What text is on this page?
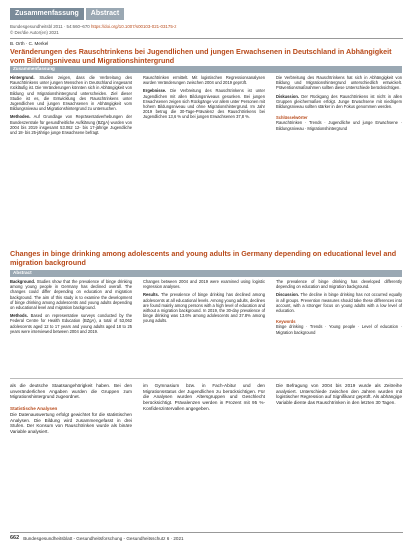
Zusammenfassung	Abstract
Bundesgesundheitsbl 2011 · 54:660–670 https://doi.org/10.1007/s00103-021-03175-z
© Der/die Autor(en) 2021
B. Orth · C. Merkel
Veränderungen des Rauschtrinkens bei Jugendlichen und jungen Erwachsenen in Deutschland in Abhängigkeit vom Bildungsniveau und Migrationshintergrund
Zusammenfassung
Hintergrund. Studien zeigen, dass die Verbreitung des Rauschtrinkens unter jungen Menschen in Deutschland insgesamt rückläufig ist. Die Veränderungen könnten sich in Abhängigkeit von Bildung und Migrationshintergrund unterscheiden. Ziel dieser Studie ist es, die Entwicklung des Rauschtrinkens unter Jugendlichen und jungen Erwachsenen in Abhängigkeit vom Bildungsniveau und Migrationshintergrund zu untersuchen.
Methoden. Auf Grundlage von Repräsentativerhebungen der Bundeszentrale für gesundheitliche Aufklärung (BZgA) wurden von 2004 bis 2019 insgesamt 53.062 12- bis 17-jährige Jugendliche und 18- bis 25-jährige junge Erwachsene befragt.
Rauschtrinken ermittelt. Mit logistischen Regressionsanalysen wurden Veränderungen zwischen 2004 und 2019 geprüft.
Ergebnisse. Die Verbreitung des Rauschtrinkens ist unter Jugendlichen mit allen Bildungsniveaus gesunken. Bei jungen Erwachsenen zeigen sich Rückgänge vor allem unter Personen mit hohem Bildungsniveau und ohne Migrationshintergrund. Im Jahr 2019 betrug die 30-Tage-Prävalenz des Rauschtrinkens bei Jugendlichen 13,6 % und bei jungen Erwachsenen 37,8 %.
Die Verbreitung des Rauschtrinkens hat sich in Abhängigkeit von Bildung und Migrationshintergrund unterschiedlich entwickelt. Präventionsmaßnahmen sollten diese Unterschiede berücksichtigen.
Diskussion. Der Rückgang des Rauschtrinkens ist nicht in allen Gruppen gleichermaßen erfolgt. Junge Erwachsene mit niedrigem Bildungsniveau sollten stärker in den Fokus genommen werden.
Schlüsselwörter
Rauschtrinken · Trends · Jugendliche und junge Erwachsene · Bildungsniveau · Migrationshintergrund
Changes in binge drinking among adolescents and young adults in Germany depending on educational level and migration background
Abstract
Background. Studies show that the prevalence of binge drinking among young people in Germany has declined overall. The changes could differ depending on education and migration background. The aim of this study is to examine the development of binge drinking among adolescents and young adults depending on educational level and migration background.
Methods. Based on representative surveys conducted by the Federal Centre for Health Education (BZgA), a total of 53,062 adolescents aged 12 to 17 years and young adults aged 18 to 25 years were interviewed between 2004 and 2019.
Changes between 2004 and 2019 were examined using logistic regression analyses.
Results. The prevalence of binge drinking has declined among adolescents at all educational levels. Among young adults, declines are found mainly among persons with a high level of education and without a migration background. In 2019, the 30-day prevalence of binge drinking was 13.6% among adolescents and 37.8% among young adults.
The prevalence of binge drinking has developed differently depending on education and migration background.
Discussion. The decline in binge drinking has not occurred equally in all groups. Prevention measures should take these differences into account, with a stronger focus on young adults with a low level of education.
Keywords
Binge drinking · Trends · Young people · Level of education · Migration background
als die deutsche Staatsangehörigkeit haben. Bei den unveränderlichen Angaben wurden die Gruppen zum Migrationshintergrund zugeordnet.
Statistische Analysen
Die Datenauswertung erfolgt gewichtet für die statistischen Analysen. Die Bildung wird zusammengefasst in drei Stufen. Der Konsum von Rauschtrinken wurde als binäre Variable analysiert.
im Gymnasium bzw. in Fach-Abitur und den Migrationsstatus der Jugendlichen zu berücksichtigen. Für die Analysen wurden Altersgruppen und Geschlecht berücksichtigt. Prävalenzen werden in Prozent mit 95 %-Konfidenzintervallen angegeben.
Die Befragung von 2004 bis 2019 wurde als Zeitreihe analysiert. Unterschiede zwischen den Jahren wurden mit logistischer Regression auf Signifikanz geprüft. Als abhängige Variable diente das Rauschtrinken in den letzten 30 Tagen.
662 Bundesgesundheitsblatt - Gesundheitsforschung - Gesundheitsschutz 6 · 2021
